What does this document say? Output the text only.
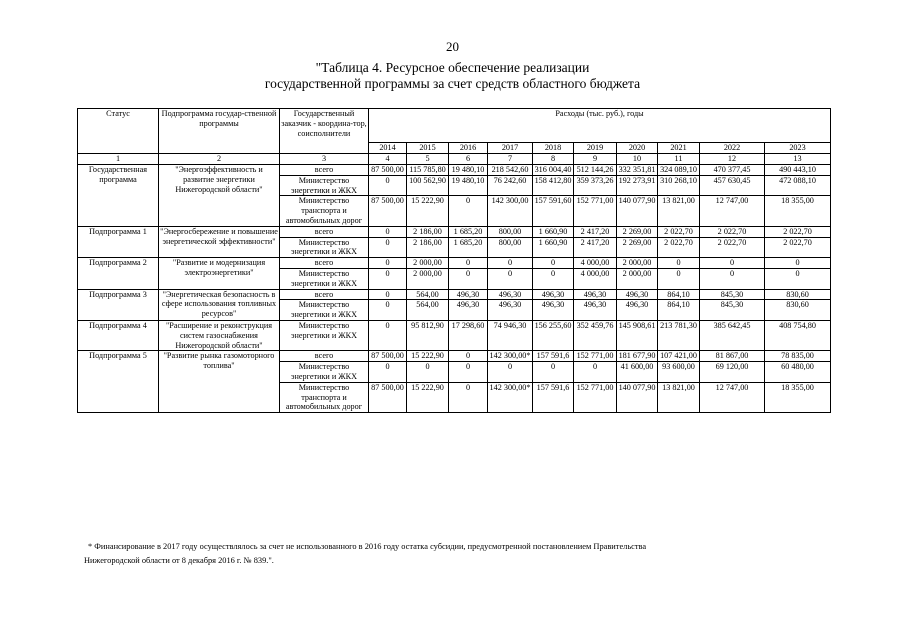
20
"Таблица 4. Ресурсное обеспечение реализации
государственной программы за счет средств областного бюджета
Статус	Подпрограмма государ-ственной программы	Государственный заказчик - координа-тор, соисполнители	Расходы (тыс. руб.), годы									
			2014	2015	2016	2017	2018	2019	2020	2021	2022	2023
1	2	3	4	5	6	7	8	9	10	11	12	13
Государственная программа	"Энергоэффективность и развитие энергетики Нижегородской области"	всего	87 500,00	115 785,80	19 480,10	218 542,60	316 004,40	512 144,26	332 351,81	324 089,10	470 377,45	490 443,10
		Министерство энергетики и ЖКХ	0	100 562,90	19 480,10	76 242,60	158 412,80	359 373,26	192 273,91	310 268,10	457 630,45	472 088,10
		Министерство транспорта и автомобильных дорог	87 500,00	15 222,90	0	142 300,00	157 591,60	152 771,00	140 077,90	13 821,00	12 747,00	18 355,00
Подпрограмма 1	"Энергосбережение и повышение энергетической эффективности"	всего	0	2 186,00	1 685,20	800,00	1 660,90	2 417,20	2 269,00	2 022,70	2 022,70	2 022,70
		Министерство энергетики и ЖКХ	0	2 186,00	1 685,20	800,00	1 660,90	2 417,20	2 269,00	2 022,70	2 022,70	2 022,70
Подпрограмма 2	"Развитие и модернизация электроэнергетики"	всего	0	2 000,00	0	0	0	4 000,00	2 000,00	0	0	0
		Министерство энергетики и ЖКХ	0	2 000,00	0	0	0	4 000,00	2 000,00	0	0	0
Подпрограмма 3	"Энергетическая безопасность в сфере использования топливных ресурсов"	всего	0	564,00	496,30	496,30	496,30	496,30	496,30	864,10	845,30	830,60
		Министерство энергетики и ЖКХ	0	564,00	496,30	496,30	496,30	496,30	496,30	864,10	845,30	830,60
Подпрограмма 4	"Расширение и реконструкция систем газоснабжения Нижегородской области"	Министерство энергетики и ЖКХ	0	95 812,90	17 298,60	74 946,30	156 255,60	352 459,76	145 908,61	213 781,30	385 642,45	408 754,80
Подпрограмма 5	"Развитие рынка газомоторного топлива"	всего	87 500,00	15 222,90	0	142 300,00*	157 591,6	152 771,00	181 677,90	107 421,00	81 867,00	78 835,00
		Министерство энергетики и ЖКХ	0	0	0	0	0	0	41 600,00	93 600,00	69 120,00	60 480,00
		Министерство транспорта и автомобильных дорог	87 500,00	15 222,90	0	142 300,00*	157 591,6	152 771,00	140 077,90	13 821,00	12 747,00	18 355,00
* Финансирование в 2017 году осуществлялось за счет не использованного в 2016 году остатка субсидии, предусмотренной постановлением Правительства
Нижегородской области от 8 декабря 2016 г. № 839.".
